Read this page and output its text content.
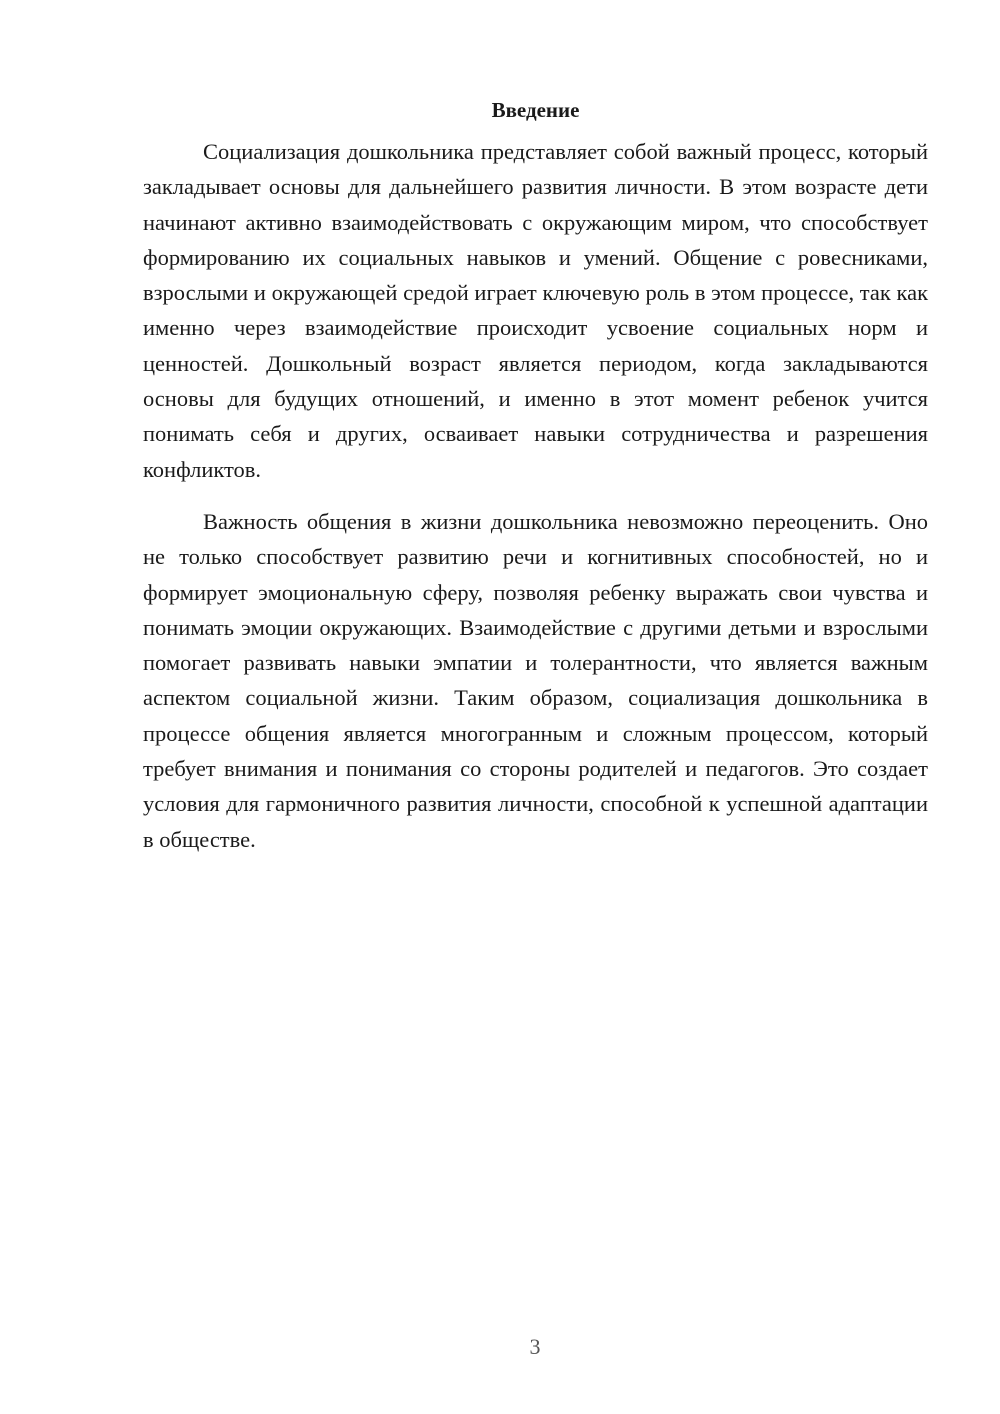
Введение

Социализация дошкольника представляет собой важный процесс, который закладывает основы для дальнейшего развития личности. В этом возрасте дети начинают активно взаимодействовать с окружающим миром, что способствует формированию их социальных навыков и умений. Общение с ровесниками, взрослыми и окружающей средой играет ключевую роль в этом процессе, так как именно через взаимодействие происходит усвоение социальных норм и ценностей. Дошкольный возраст является периодом, когда закладываются основы для будущих отношений, и именно в этот момент ребенок учится понимать себя и других, осваивает навыки сотрудничества и разрешения конфликтов.

Важность общения в жизни дошкольника невозможно переоценить. Оно не только способствует развитию речи и когнитивных способностей, но и формирует эмоциональную сферу, позволяя ребенку выражать свои чувства и понимать эмоции окружающих. Взаимодействие с другими детьми и взрослыми помогает развивать навыки эмпатии и толерантности, что является важным аспектом социальной жизни. Таким образом, социализация дошкольника в процессе общения является многогранным и сложным процессом, который требует внимания и понимания со стороны родителей и педагогов. Это создает условия для гармоничного развития личности, способной к успешной адаптации в обществе.

3
